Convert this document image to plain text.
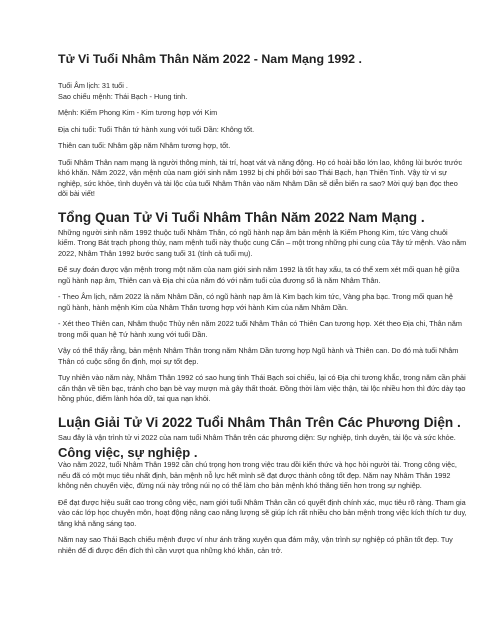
Tử Vi Tuổi Nhâm Thân Năm 2022 - Nam Mạng 1992 .

Tuổi Âm lịch: 31 tuổi .

Sao chiếu mệnh: Thái Bạch - Hung tinh.

Mệnh: Kiếm Phong Kim - Kim tương hợp với Kim

Địa chi tuổi: Tuổi Thân tứ hành xung với tuổi Dần: Không tốt.

Thiên can tuổi: Nhâm gặp năm Nhâm tương hợp, tốt.

Tuổi Nhâm Thân nam mạng là người thông minh, tài trí, hoạt vát và năng động. Họ có hoài bão lớn lao, không lùi bước trước khó khăn. Năm 2022, vận mệnh của nam giới sinh năm 1992 bị chi phối bởi sao Thái Bạch, hạn Thiên Tinh. Vậy từ vi sự nghiệp, sức khỏe, tình duyên và tài lộc của tuổi Nhâm Thân vào năm Nhâm Dần sẽ diễn biến ra sao? Mời quý bạn đọc theo dõi bài viết!

Tổng Quan Tử Vi Tuổi Nhâm Thân Năm 2022 Nam Mạng .

Những người sinh năm 1992 thuộc tuổi Nhâm Thân, có ngũ hành nạp âm bản mệnh là Kiếm Phong Kim, tức Vàng chuôi kiếm. Trong Bát trạch phong thủy, nam mệnh tuổi này thuộc cung Cấn – một trong những phi cung của Tây tứ mệnh. Vào năm 2022, Nhâm Thân 1992 bước sang tuổi 31 (tính cả tuổi mụ).

Để suy đoán được vận mệnh trong một năm của nam giới sinh năm 1992 là tốt hay xấu, ta có thể xem xét mối quan hệ giữa ngũ hành nạp âm, Thiên can và Địa chi của năm đó với năm tuổi của đương số là năm Nhâm Thân.

- Theo Âm lịch, năm 2022 là năm Nhâm Dần, có ngũ hành nạp âm là Kim bạch kim tức, Vàng pha bạc. Trong mối quan hệ ngũ hành, hành mệnh Kim của Nhâm Thân tương hợp với hành Kim của năm Nhâm Dần.

- Xét theo Thiên can, Nhâm thuộc Thủy nên năm 2022 tuổi Nhâm Thân có Thiên Can tương hợp. Xét theo Địa chi, Thân năm trong mối quan hệ Tứ hành xung với tuổi Dần.

Vậy có thể thấy rằng, bản mệnh Nhâm Thân trong năm Nhâm Dần tương hợp Ngũ hành và Thiên can. Do đó mà tuổi Nhâm Thân có cuộc sống ổn định, mọi sự tốt đẹp.

Tuy nhiên vào năm này, Nhâm Thân 1992 có sao hung tinh Thái Bạch soi chiếu, lại có Địa chi tương khắc, trong năm cần phải cẩn thận về tiền bạc, tránh cho bạn bè vay mượn mà gây thất thoát. Đồng thời làm việc thận, tài lộc nhiều hơn thì đức dày tạo hồng phúc, điểm lành hóa dữ, tai qua nạn khỏi.

Luận Giải Tử Vi 2022 Tuổi Nhâm Thân Trên Các Phương Diện .

Sau đây là vận trình tử vi 2022 của nam tuổi Nhâm Thân trên các phương diện: Sự nghiệp, tình duyên, tài lộc và sức khỏe.

Công việc, sự nghiệp .

Vào năm 2022, tuổi Nhâm Thân 1992 cần chú trọng hơn trong việc trau dồi kiến thức và học hỏi người tài. Trong công việc, nếu đã có một mục tiêu nhất định, bản mệnh nỗ lực hết mình sẽ đạt được thành công tốt đẹp. Năm nay Nhâm Thân 1992 không nên chuyển việc, đừng núi này trông núi nọ có thể làm cho bản mệnh khó thăng tiến hơn trong sự nghiệp.

Để đạt được hiệu suất cao trong công việc, nam giới tuổi Nhâm Thân cần có quyết định chính xác, mục tiêu rõ ràng. Tham gia vào các lớp học chuyên môn, hoạt động nâng cao năng lượng sẽ giúp ích rất nhiều cho bản mệnh trong việc kích thích tư duy, tăng khả năng sáng tạo.

Năm nay sao Thái Bạch chiếu mệnh được ví như ánh trăng xuyên qua đám mây, vận trình sự nghiệp có phần tốt đẹp. Tuy nhiên để đi được đến đích thì cần vượt qua những khó khăn, cản trở.
